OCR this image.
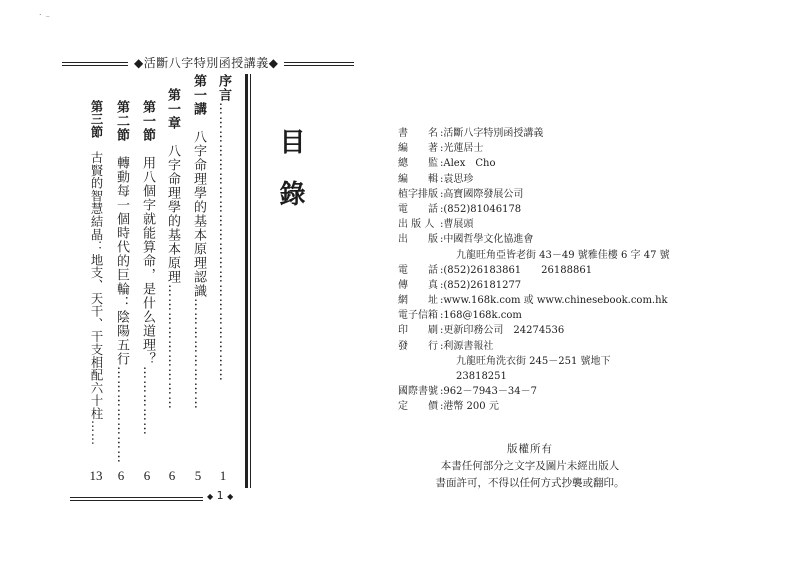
˙ ⁻
◆活斷八字特別函授講義◆
目錄
序言……………………………………………………
1
第一講　八字命理學的基本原理認識……………………
5
第一章　八字命理學的基本原理………………………
6
第一節　用八個字就能算命，是什么道理？……………
6
第二節　轉動每一個時代的巨輪：陰陽五行…………………
6
第三節　古賢的智慧結晶：地支、天干、干支相配六十柱……
13
◆ 1 ◆
書　　名 :活斷八字特別函授講義
編　　著 :光蓮居士
總　　監 :Alex　Cho
編　　輯 :袁思珍
植字排版 :高寶國際發展公司
電　　話 :(852)81046178
出 版 人 :曹展頭
出　　版 :中國哲學文化協進會
九龍旺角亞皆老街 43－49 號雅佳樓 6 字 47 號
電　　話 :(852)26183861　　26188861
傳　　真 :(852)26181277
網　　址 :www.168k.com 或 www.chinesebook.com.hk
電子信箱 :168@168k.com
印　　刷 :更新印務公司　24274536
發　　行 :利源書報社
九龍旺角洗衣街 245－251 號地下
23818251
國際書號 :962－7943－34－7
定　　價 :港幣 200 元
版權所有
本書任何部分之文字及圖片未經出版人
書面許可，不得以任何方式抄襲或翻印。
